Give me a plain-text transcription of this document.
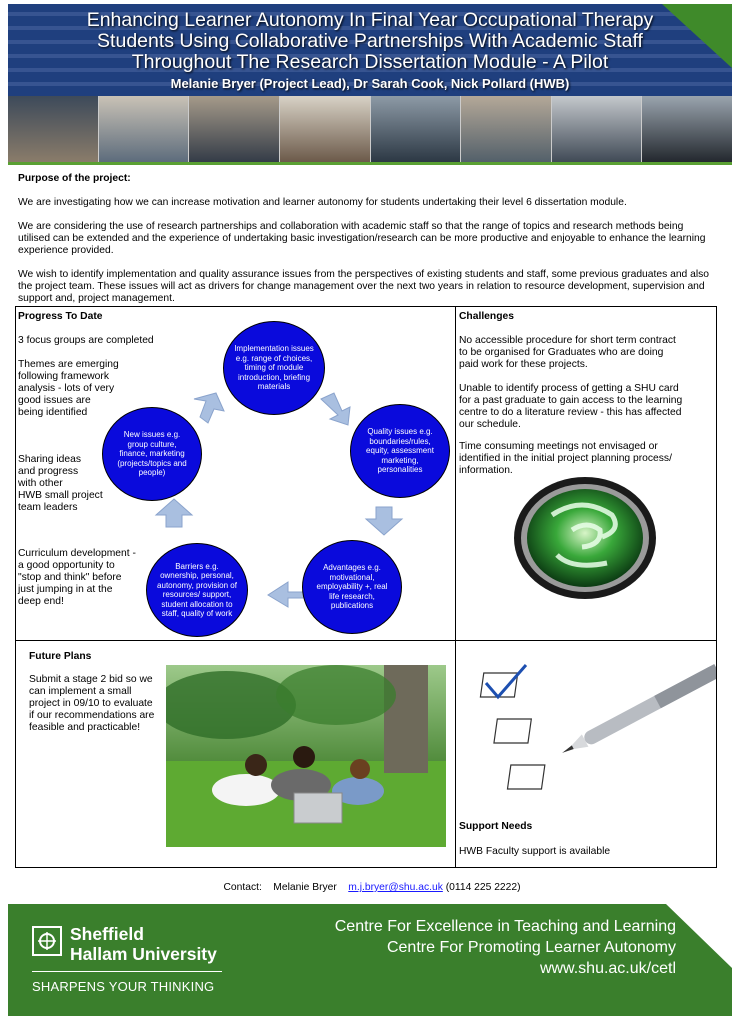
Enhancing Learner Autonomy In Final Year Occupational Therapy
Students Using Collaborative Partnerships With Academic Staff
Throughout The Research Dissertation Module - A Pilot
Melanie Bryer (Project Lead), Dr Sarah Cook, Nick Pollard (HWB)
Purpose of the project:

We are investigating how we can increase motivation and learner autonomy for students undertaking their level 6 dissertation module.

We are considering the use of research partnerships and collaboration with academic staff so that the range of topics and research methods being utilised can be extended and the experience of undertaking basic investigation/research can be more productive and enjoyable to enhance the learning experience provided.

We wish to identify implementation and quality assurance issues from the perspectives of existing students and staff, some previous graduates and also the project team. These issues will act as drivers for change management over the next two years in relation to resource development, supervision and support and, project management.

Progress To Date
3 focus groups are completed
Themes are emerging
following framework
analysis - lots of very
good issues are
being identified
Sharing ideas
and progress
with other
HWB small project
team leaders
Curriculum development -
a good opportunity to
"stop and think" before
just jumping in at the
deep end!
Implementation issues e.g. range of choices, timing of module introduction, briefing materials
Quality issues e.g. boundaries/rules, equity, assessment marketing, personalities
Advantages e.g. motivational, employability +, real life research, publications
Barriers e.g. ownership, personal, autonomy, provision of resources/ support, student allocation to staff, quality of work
New issues e.g. group culture, finance, marketing (projects/topics and people)
Challenges
No accessible procedure for short term contract
to be organised for Graduates who are doing
paid work for these projects.
Unable to identify process of getting a SHU card
for a past graduate to gain access to the learning
centre to do a literature review - this has affected
our schedule.
Time consuming meetings not envisaged or
identified in the initial project planning process/
information.
Future Plans
Submit a stage 2 bid so we
can implement a small
project in 09/10 to evaluate
if our recommendations are
feasible and practicable!
Support Needs
HWB Faculty support is available
Contact: Melanie Bryer m.j.bryer@shu.ac.uk (0114 225 2222)
Sheffield
Hallam University
SHARPENS YOUR THINKING
Centre For Excellence in Teaching and Learning
Centre For Promoting Learner Autonomy
www.shu.ac.uk/cetl
